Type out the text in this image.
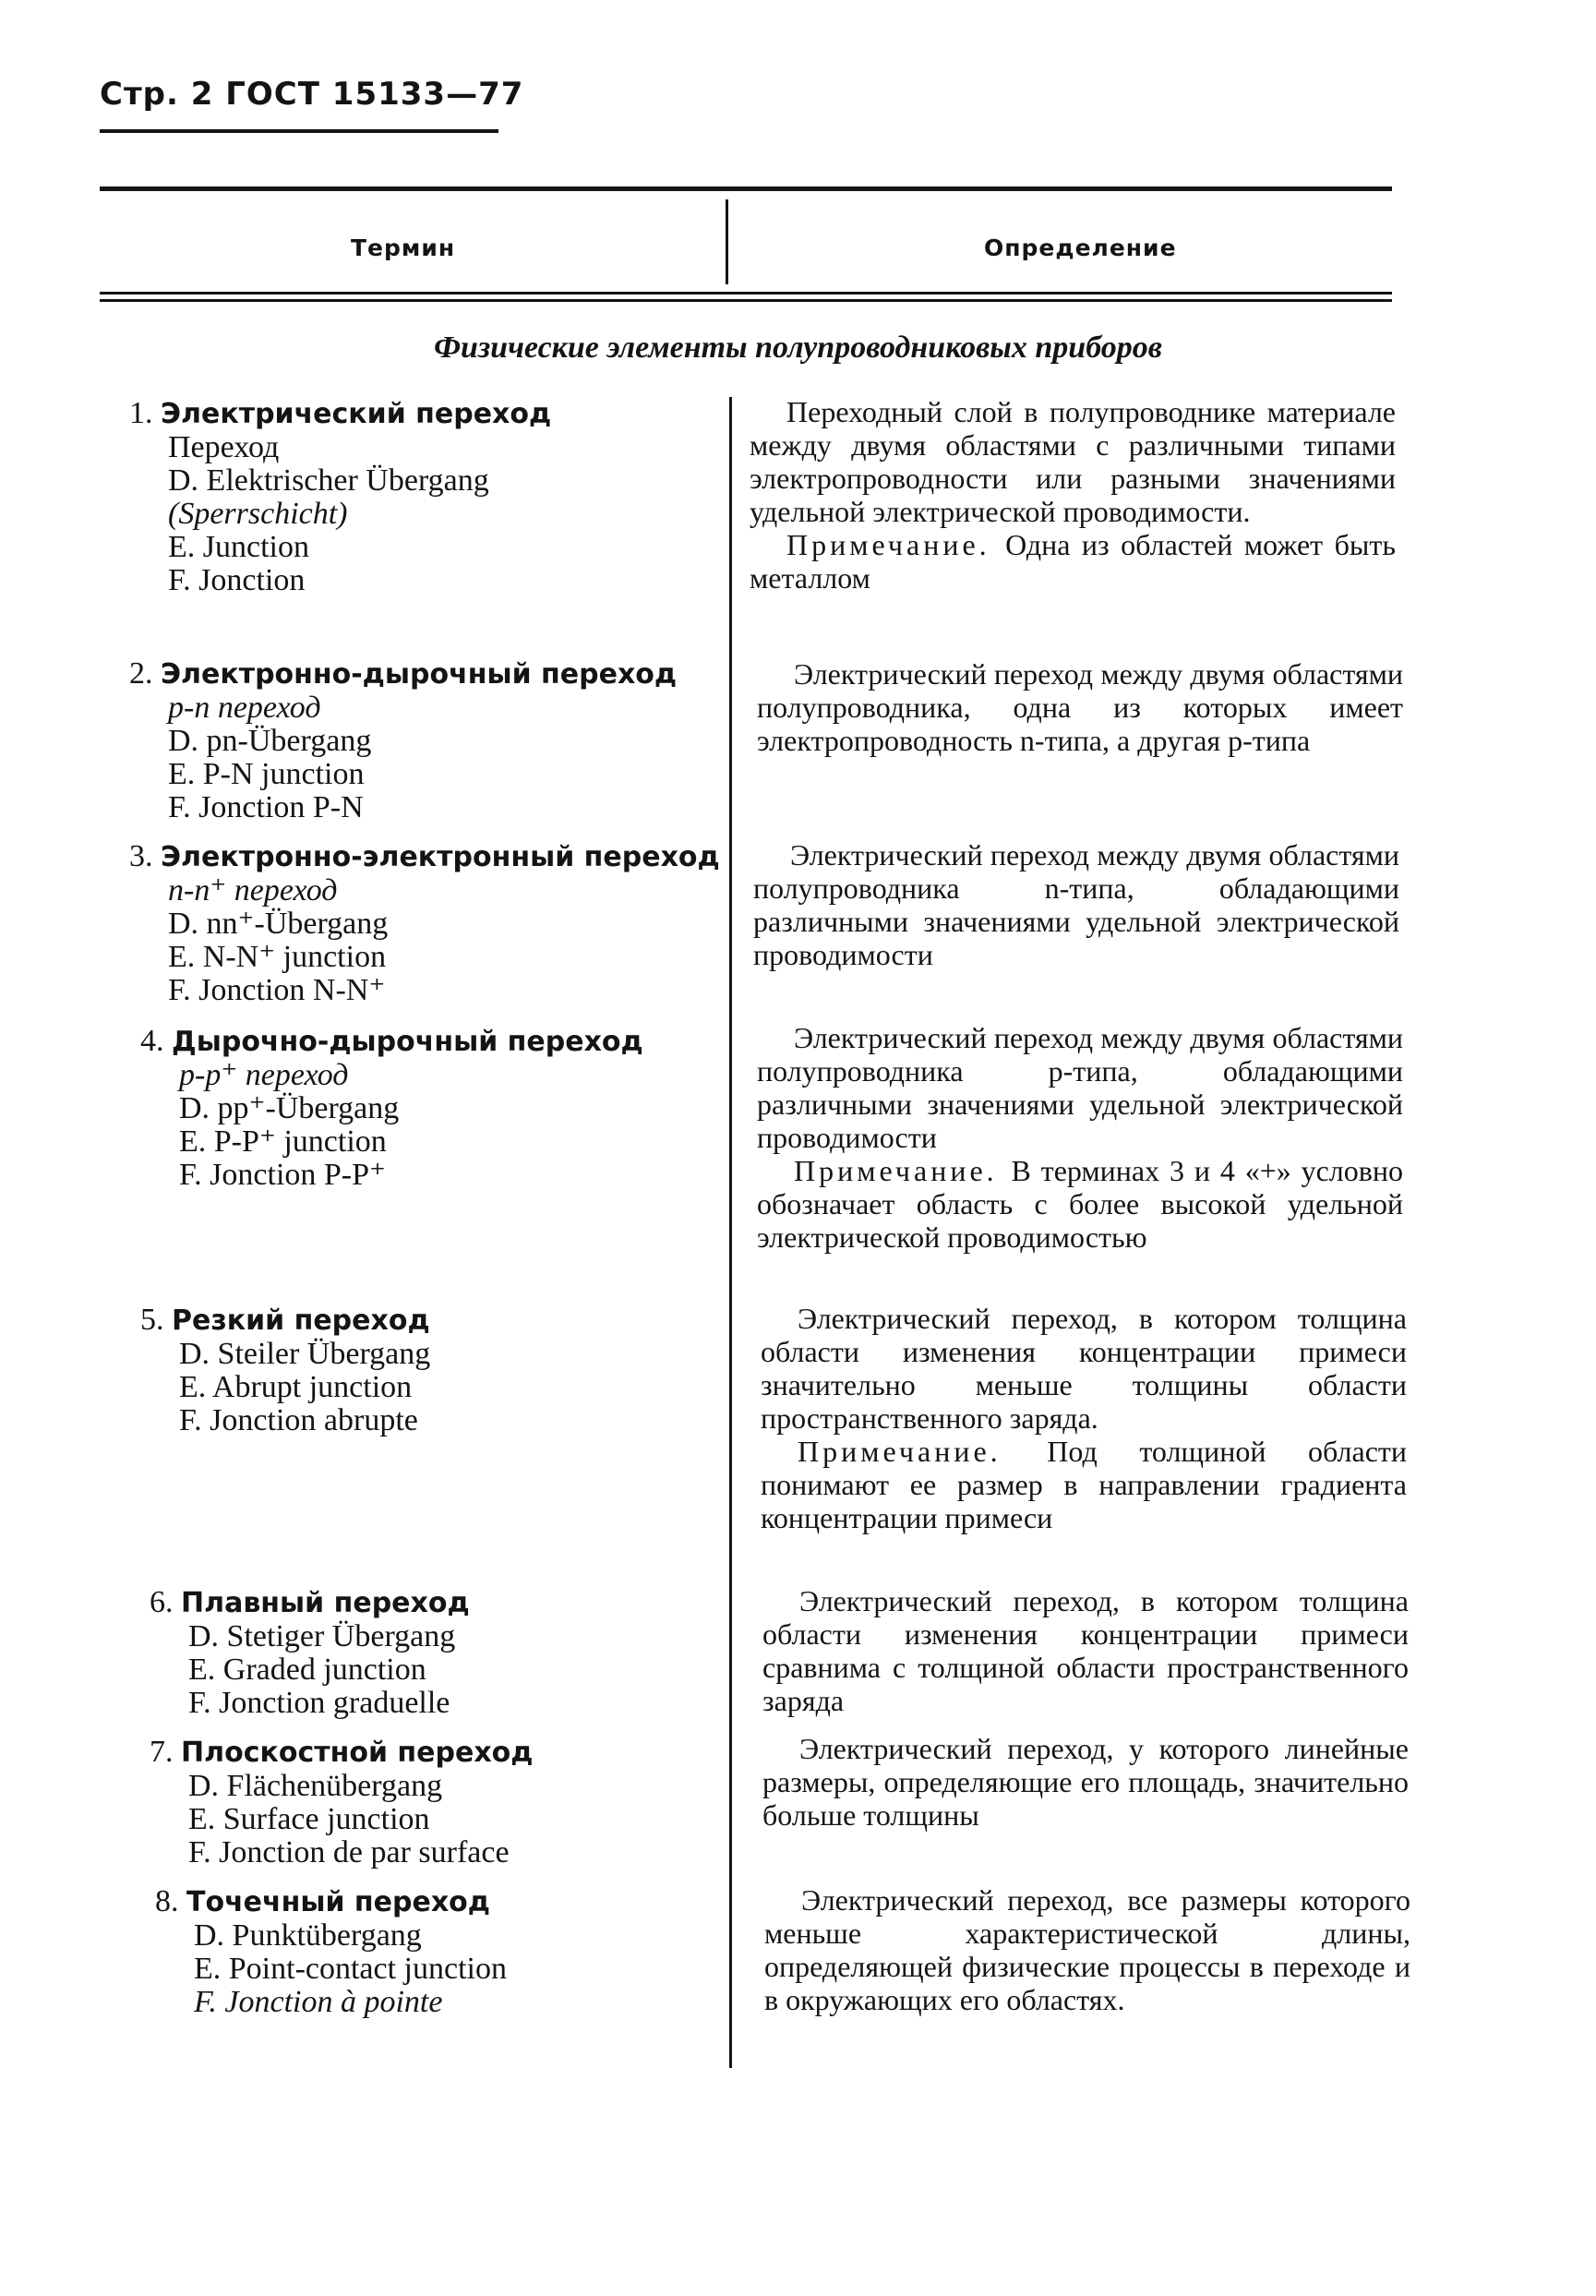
Стр. 2 ГОСТ 15133—77
Термин	Определение
Физические элементы полупроводниковых приборов
1. Электрический переход
Переход
D. Elektrischer Übergang
(Sperrschicht)
E. Junction
F. Jonction
2. Электронно-дырочный переход
p-n переход
D. pn-Übergang
E. P-N junction
F. Jonction P-N
3. Электронно-электронный переход
n-n⁺ переход
D. nn⁺-Übergang
E. N-N⁺ junction
F. Jonction N-N⁺
4. Дырочно-дырочный переход
p-p⁺ переход
D. pp⁺-Übergang
E. P-P⁺ junction
F. Jonction P-P⁺
5. Резкий переход
D. Steiler Übergang
E. Abrupt junction
F. Jonction abrupte
6. Плавный переход
D. Stetiger Übergang
E. Graded junction
F. Jonction graduelle
7. Плоскостной переход
D. Flächenübergang
E. Surface junction
F. Jonction de par surface
8. Точечный переход
D. Punktübergang
E. Point-contact junction
F. Jonction à pointe

Переходный слой в полупроводнике материале между двумя областями с различными типами электропроводности или разными значениями удельной электрической проводимости.

Примечание. Одна из областей может быть металлом

Электрический переход между двумя областями полупроводника, одна из которых имеет электропроводность n-типа, а другая p-типа

Электрический переход между двумя областями полупроводника n-типа, обладающими различными значениями удельной электрической проводимости

Электрический переход между двумя областями полупроводника p-типа, обладающими различными значениями удельной электрической проводимости

Примечание. В терминах 3 и 4 «+» условно обозначает область с более высокой удельной электрической проводимостью

Электрический переход, в котором толщина области изменения концентрации примеси значительно меньше толщины области пространственного заряда.

Примечание. Под толщиной области понимают ее размер в направлении градиента концентрации примеси

Электрический переход, в котором толщина области изменения концентрации примеси сравнима с толщиной области пространственного заряда

Электрический переход, у которого линейные размеры, определяющие его площадь, значительно больше толщины

Электрический переход, все размеры которого меньше характеристической длины, определяющей физические процессы в переходе и в окружающих его областях.
